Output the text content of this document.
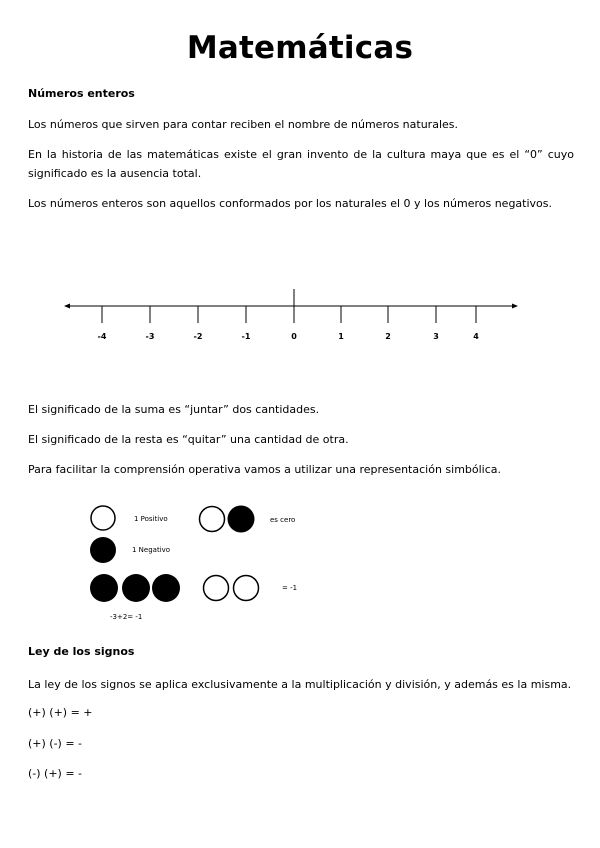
Matemáticas
Números enteros
Los números que sirven para contar reciben el nombre de números naturales.
En la historia de las matemáticas existe el gran invento de la cultura maya que es el “0” cuyo significado es la ausencia total.
Los números enteros son aquellos conformados por los naturales el 0 y los números negativos.
-4	-3	-2	-1	0	1	2	3	4
El significado de la suma es “juntar” dos cantidades.
El significado de la resta es “quitar” una cantidad de otra.
Para facilitar la comprensión operativa vamos a utilizar una representación simbólica.
1 Positivo
1 Negativo
es cero
= -1
-3+2= -1
Ley de los signos
La ley de los signos se aplica exclusivamente a la multiplicación y división, y además es la misma.
(+) (+) = +
(+) (-) = -
(-) (+) = -
